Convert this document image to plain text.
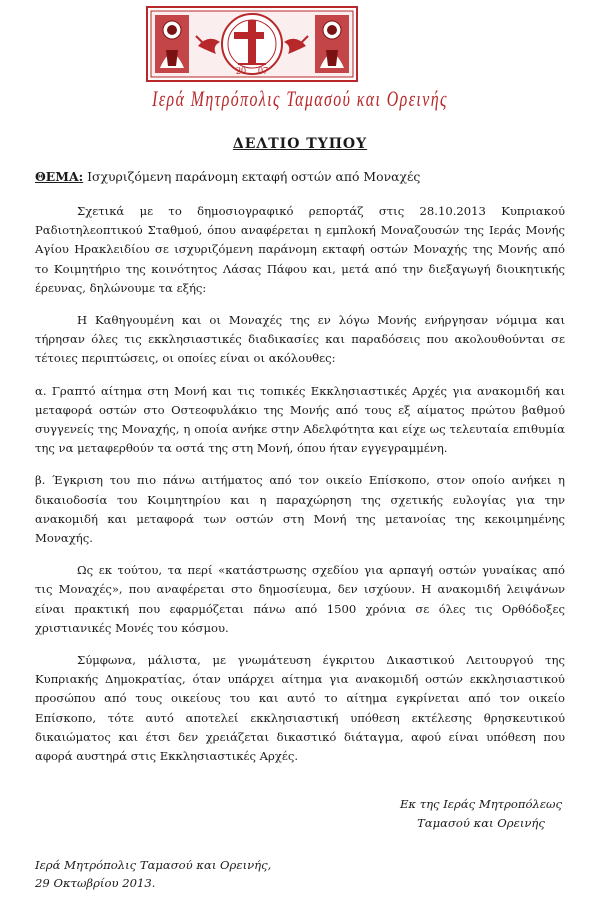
20 07
Ιερά Μητρόπολις Ταμασού και Ορεινής
ΔΕΛΤΙΟ ΤΥΠΟΥ
ΘΕΜΑ: Ισχυριζόμενη παράνομη εκταφή οστών από Μοναχές

Σχετικά με το δημοσιογραφικό ρεπορτάζ στις 28.10.2013 Κυπριακού Ραδιοτηλεοπτικού Σταθμού, όπου αναφέρεται η εμπλοκή Μοναζουσών της Ιεράς Μονής Αγίου Ηρακλειδίου σε ισχυριζόμενη παράνομη εκταφή οστών Μοναχής της Μονής από το Κοιμητήριο της κοινότητος Λάσας Πάφου και, μετά από την διεξαγωγή διοικητικής έρευνας, δηλώνουμε τα εξής:

Η Καθηγουμένη και οι Μοναχές της εν λόγω Μονής ενήργησαν νόμιμα και τήρησαν όλες τις εκκλησιαστικές διαδικασίες και παραδόσεις που ακολουθούνται σε τέτοιες περιπτώσεις, οι οποίες είναι οι ακόλουθες:

α. Γραπτό αίτημα στη Μονή και τις τοπικές Εκκλησιαστικές Αρχές για ανακομιδή και μεταφορά οστών στο Οστεοφυλάκιο της Μονής από τους εξ αίματος πρώτου βαθμού συγγενείς της Μοναχής, η οποία ανήκε στην Αδελφότητα και είχε ως τελευταία επιθυμία της να μεταφερθούν τα οστά της στη Μονή, όπου ήταν εγγεγραμμένη.

β. Έγκριση του πιο πάνω αιτήματος από τον οικείο Επίσκοπο, στον οποίο ανήκει η δικαιοδοσία του Κοιμητηρίου και η παραχώρηση της σχετικής ευλογίας για την ανακομιδή και μεταφορά των οστών στη Μονή της μετανοίας της κεκοιμημένης Μοναχής.

Ως εκ τούτου, τα περί «κατάστρωσης σχεδίου για αρπαγή οστών γυναίκας από τις Μοναχές», που αναφέρεται στο δημοσίευμα, δεν ισχύουν. Η ανακομιδή λειψάνων είναι πρακτική που εφαρμόζεται πάνω από 1500 χρόνια σε όλες τις Ορθόδοξες χριστιανικές Μονές του κόσμου.

Σύμφωνα, μάλιστα, με γνωμάτευση έγκριτου Δικαστικού Λειτουργού της Κυπριακής Δημοκρατίας, όταν υπάρχει αίτημα για ανακομιδή οστών εκκλησιαστικού προσώπου από τους οικείους του και αυτό το αίτημα εγκρίνεται από τον οικείο Επίσκοπο, τότε αυτό αποτελεί εκκλησιαστική υπόθεση εκτέλεσης θρησκευτικού δικαιώματος και έτσι δεν χρειάζεται δικαστικό διάταγμα, αφού είναι υπόθεση που αφορά αυστηρά στις Εκκλησιαστικές Αρχές.

Εκ της Ιεράς Μητροπόλεως
Ταμασού και Ορεινής
Ιερά Μητρόπολις Ταμασού και Ορεινής,
29 Οκτωβρίου 2013.
